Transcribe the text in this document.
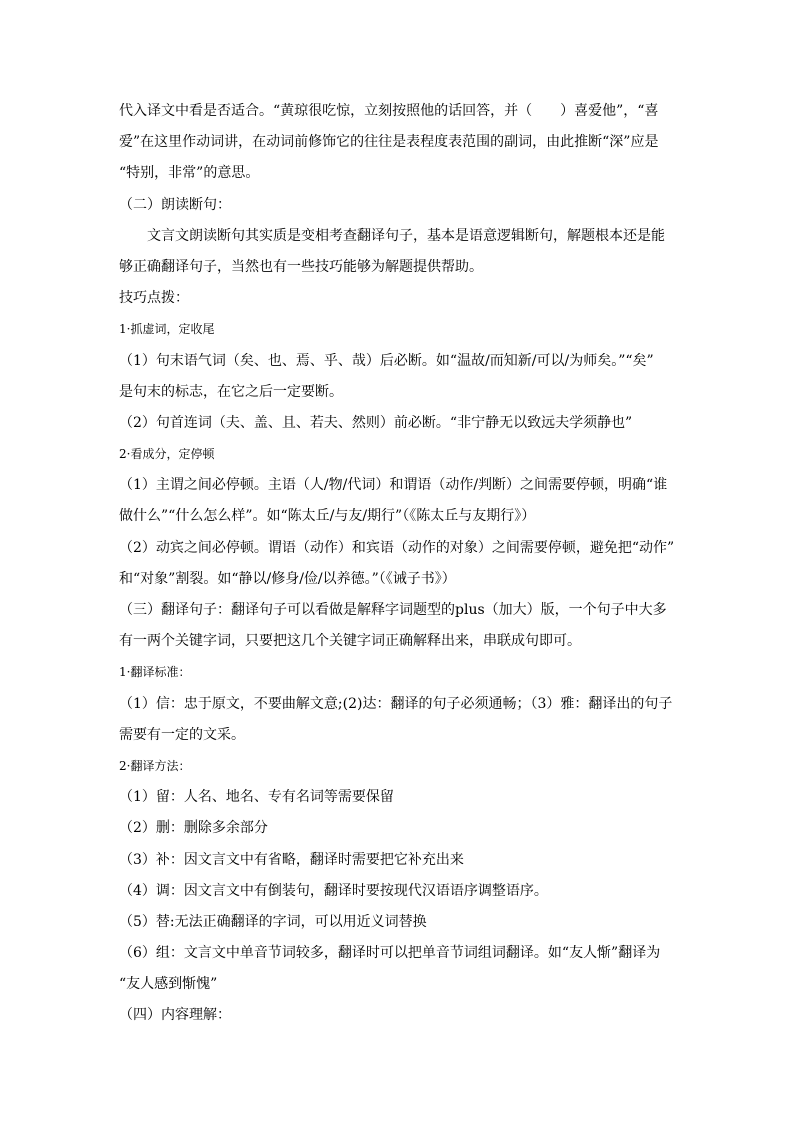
代入译文中看是否适合。“黄琼很吃惊，立刻按照他的话回答，并（　　）喜爱他”，“喜
爱”在这里作动词讲，在动词前修饰它的往往是表程度表范围的副词，由此推断“深”应是
“特别，非常”的意思。
（二）朗读断句：
文言文朗读断句其实质是变相考查翻译句子，基本是语意逻辑断句，解题根本还是能
够正确翻译句子，当然也有一些技巧能够为解题提供帮助。
技巧点拨：
1·抓虚词，定收尾
（1）句末语气词（矣、也、焉、乎、哉）后必断。如“温故/而知新/可以/为师矣。”“矣”
是句末的标志，在它之后一定要断。
（2）句首连词（夫、盖、且、若夫、然则）前必断。“非宁静无以致远夫学须静也”
2·看成分，定停顿
（1）主谓之间必停顿。主语（人/物/代词）和谓语（动作/判断）之间需要停顿，明确“谁
做什么”“什么怎么样”。如“陈太丘/与友/期行”（《陈太丘与友期行》）
（2）动宾之间必停顿。谓语（动作）和宾语（动作的对象）之间需要停顿，避免把“动作”
和“对象”割裂。如“静以/修身/俭/以养德。”（《诫子书》）
（三）翻译句子：翻译句子可以看做是解释字词题型的plus（加大）版，一个句子中大多
有一两个关键字词，只要把这几个关键字词正确解释出来，串联成句即可。
1·翻译标准：
（1）信：忠于原文，不要曲解文意;(2)达：翻译的句子必须通畅；（3）雅：翻译出的句子
需要有一定的文采。
2·翻译方法：
（1）留：人名、地名、专有名词等需要保留
（2）删：删除多余部分
（3）补：因文言文中有省略，翻译时需要把它补充出来
（4）调：因文言文中有倒装句，翻译时要按现代汉语语序调整语序。
（5）替:无法正确翻译的字词，可以用近义词替换
（6）组：文言文中单音节词较多，翻译时可以把单音节词组词翻译。如“友人惭”翻译为
“友人感到惭愧”
（四）内容理解：
